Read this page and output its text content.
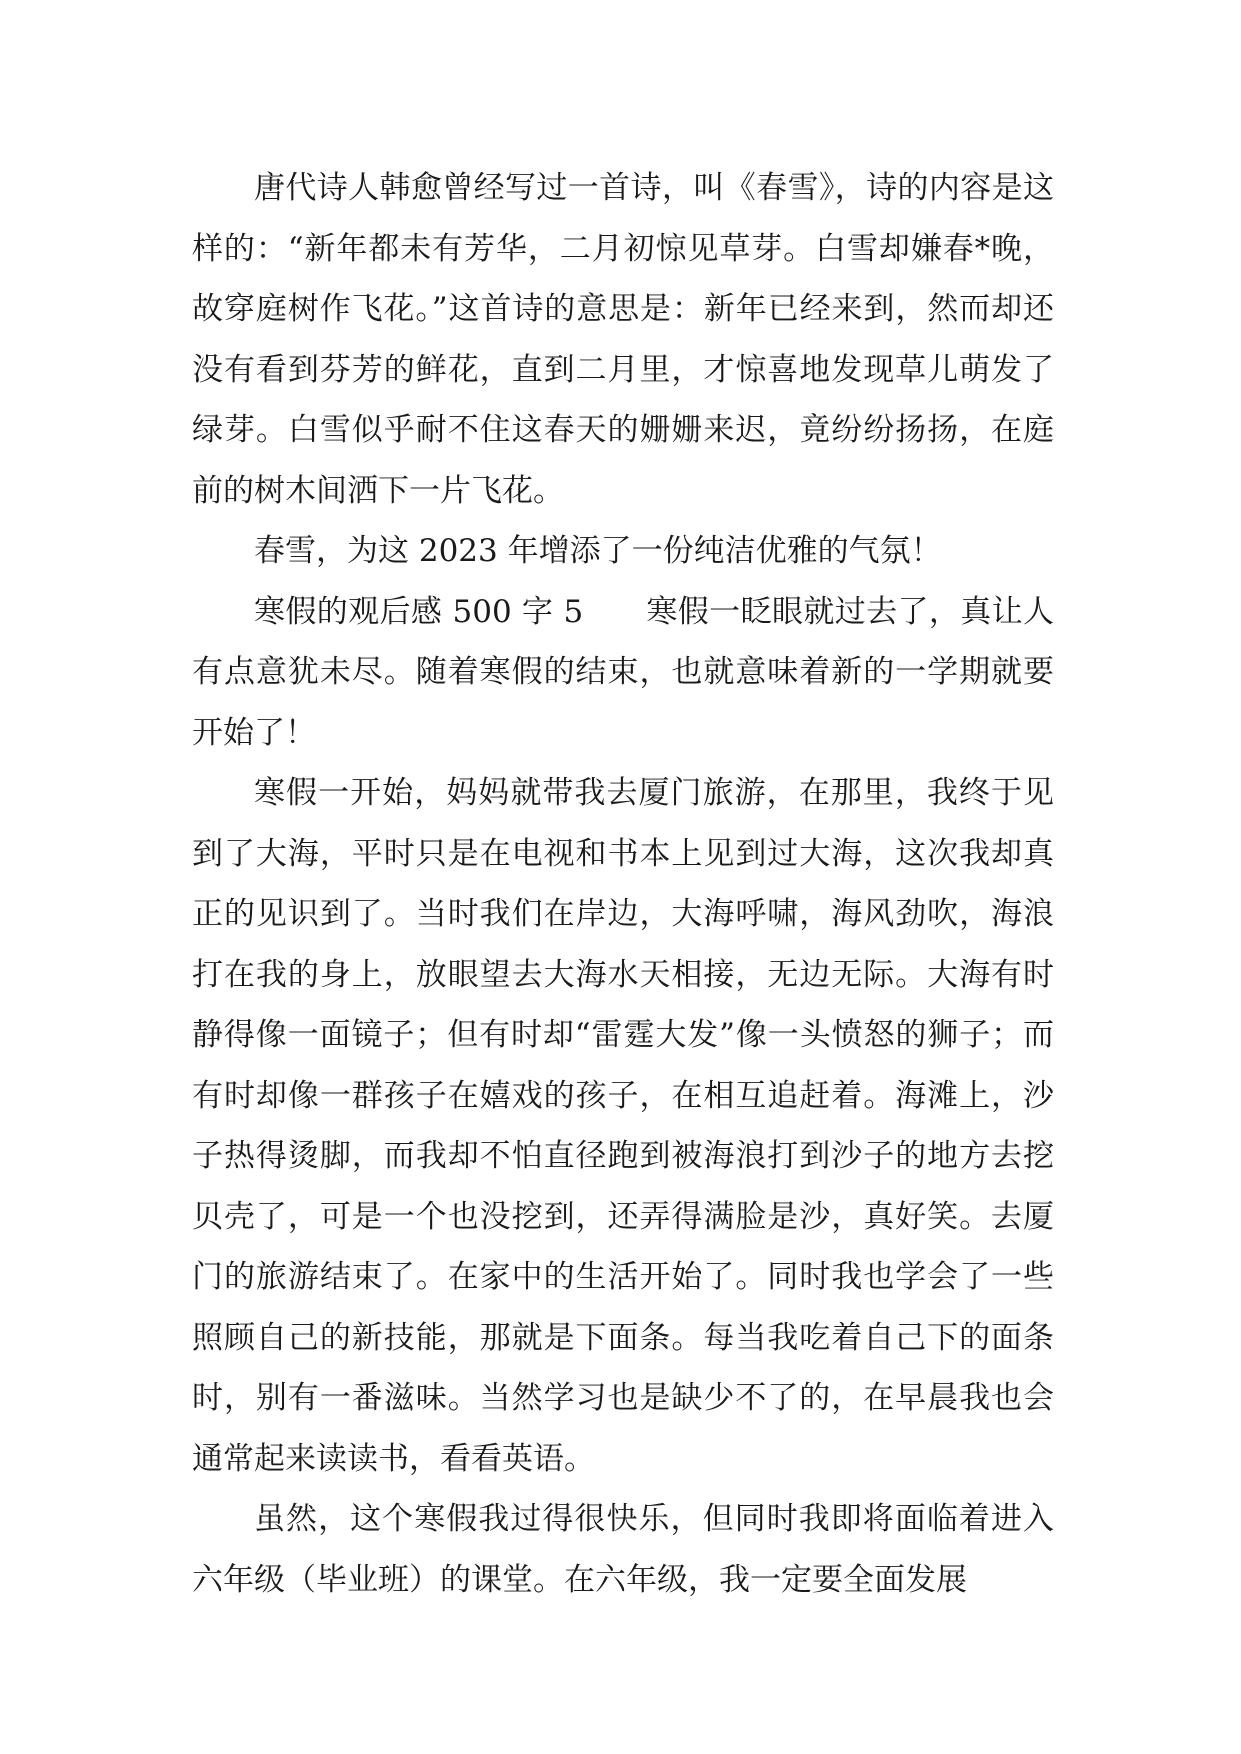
唐代诗人韩愈曾经写过一首诗，叫《春雪》，诗的内容是这样的：“新年都未有芳华，二月初惊见草芽。白雪却嫌春*晚，故穿庭树作飞花。”这首诗的意思是：新年已经来到，然而却还没有看到芬芳的鲜花，直到二月里，才惊喜地发现草儿萌发了绿芽。白雪似乎耐不住这春天的姗姗来迟，竟纷纷扬扬，在庭前的树木间洒下一片飞花。

春雪，为这 2023 年增添了一份纯洁优雅的气氛！

寒假的观后感 500 字 5　　寒假一眨眼就过去了，真让人有点意犹未尽。随着寒假的结束，也就意味着新的一学期就要开始了！

寒假一开始，妈妈就带我去厦门旅游，在那里，我终于见到了大海，平时只是在电视和书本上见到过大海，这次我却真正的见识到了。当时我们在岸边，大海呼啸，海风劲吹，海浪打在我的身上，放眼望去大海水天相接，无边无际。大海有时静得像一面镜子；但有时却“雷霆大发”像一头愤怒的狮子；而有时却像一群孩子在嬉戏的孩子，在相互追赶着。海滩上，沙子热得烫脚，而我却不怕直径跑到被海浪打到沙子的地方去挖贝壳了，可是一个也没挖到，还弄得满脸是沙，真好笑。去厦门的旅游结束了。在家中的生活开始了。同时我也学会了一些照顾自己的新技能，那就是下面条。每当我吃着自己下的面条时，别有一番滋味。当然学习也是缺少不了的，在早晨我也会通常起来读读书，看看英语。

虽然，这个寒假我过得很快乐，但同时我即将面临着进入六年级（毕业班）的课堂。在六年级，我一定要全面发展
